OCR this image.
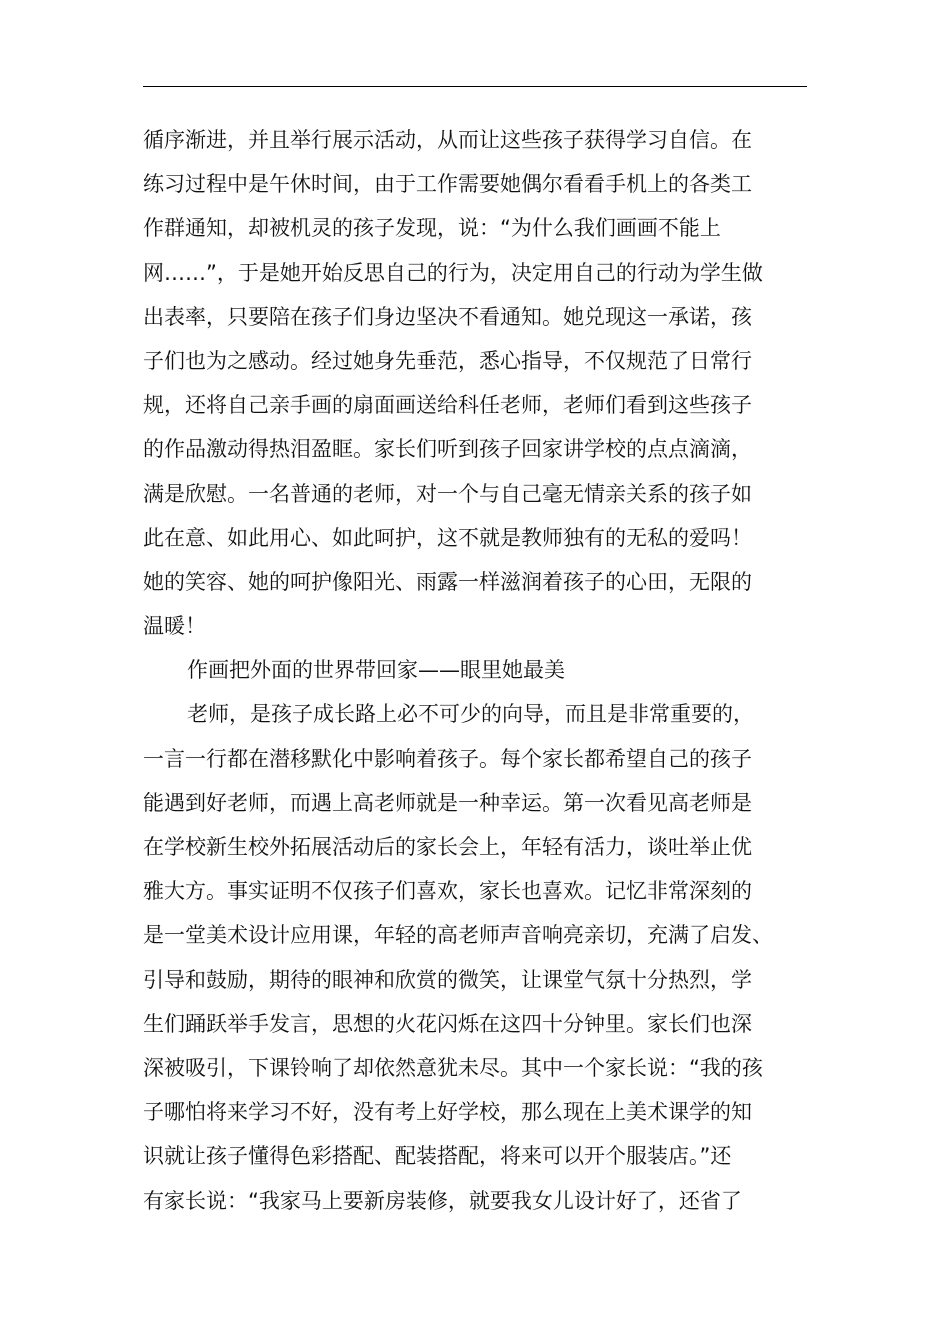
循序渐进，并且举行展示活动，从而让这些孩子获得学习自信。在
练习过程中是午休时间，由于工作需要她偶尔看看手机上的各类工
作群通知，却被机灵的孩子发现，说：“为什么我们画画不能上
网……”，于是她开始反思自己的行为，决定用自己的行动为学生做
出表率，只要陪在孩子们身边坚决不看通知。她兑现这一承诺，孩
子们也为之感动。经过她身先垂范，悉心指导，不仅规范了日常行
规，还将自己亲手画的扇面画送给科任老师，老师们看到这些孩子
的作品激动得热泪盈眶。家长们听到孩子回家讲学校的点点滴滴，
满是欣慰。一名普通的老师，对一个与自己毫无情亲关系的孩子如
此在意、如此用心、如此呵护，这不就是教师独有的无私的爱吗！
她的笑容、她的呵护像阳光、雨露一样滋润着孩子的心田，无限的
温暖！
作画把外面的世界带回家——眼里她最美
老师，是孩子成长路上必不可少的向导，而且是非常重要的，
一言一行都在潜移默化中影响着孩子。每个家长都希望自己的孩子
能遇到好老师，而遇上高老师就是一种幸运。第一次看见高老师是
在学校新生校外拓展活动后的家长会上，年轻有活力，谈吐举止优
雅大方。事实证明不仅孩子们喜欢，家长也喜欢。记忆非常深刻的
是一堂美术设计应用课，年轻的高老师声音响亮亲切，充满了启发、
引导和鼓励，期待的眼神和欣赏的微笑，让课堂气氛十分热烈，学
生们踊跃举手发言，思想的火花闪烁在这四十分钟里。家长们也深
深被吸引，下课铃响了却依然意犹未尽。其中一个家长说：“我的孩
子哪怕将来学习不好，没有考上好学校，那么现在上美术课学的知
识就让孩子懂得色彩搭配、配装搭配，将来可以开个服装店。”还
有家长说：“我家马上要新房装修，就要我女儿设计好了，还省了
